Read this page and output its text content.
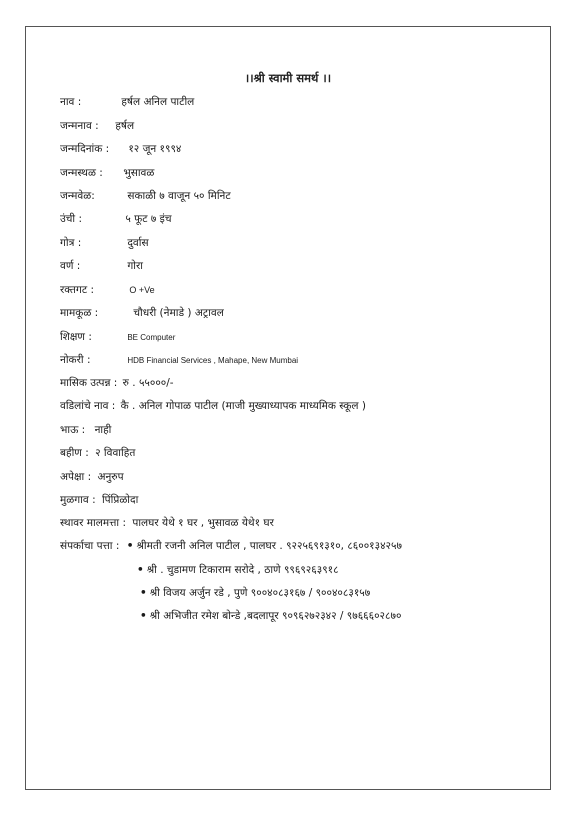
।।श्री स्वामी समर्थ ।।
नाव :	हर्षल अनिल पाटील
जन्मनाव : हर्षल
जन्मदिनांक : १२ जून १९९४
जन्मस्थळ : भुसावळ
जन्मवेळ:	सकाळी ७ वाजून ५० मिनिट
उंची :	५ फूट ७ इंच
गोत्र :	दुर्वास
वर्ण :	गोरा
रक्तगट :	O +Ve
मामकूळ :	चौधरी (नेमाडे ) अट्रावल
शिक्षण :	BE Computer
नोकरी :	HDB Financial Services , Mahape, New Mumbai
मासिक उत्पन्न : रु . ५५०००/-
वडिलांचे नाव : कै . अनिल गोपाळ पाटील (माजी मुख्याध्यापक माध्यमिक स्कूल )
भाऊ : नाही
बहीण : २ विवाहित
अपेक्षा : अनुरुप
मुळगाव : पिंप्रिळोदा
स्थावर मालमत्ता : पालघर येथे १ घर , भुसावळ येथे१ घर
संपर्काचा पत्ता : • श्रीमती रजनी अनिल पाटील , पालघर . ९२२५६९१३१०, ८६००१३४२५७
• श्री . चुडामण टिकाराम सरोदे , ठाणे ९९६९२६३९१८
• श्री विजय अर्जुन रडे , पुणे ९००४०८३१६७ / ९००४०८३१५७
• श्री अभिजीत रमेश बोन्डे ,बदलापूर ९०९६२७२३४२ / ९७६६६०२८७०
